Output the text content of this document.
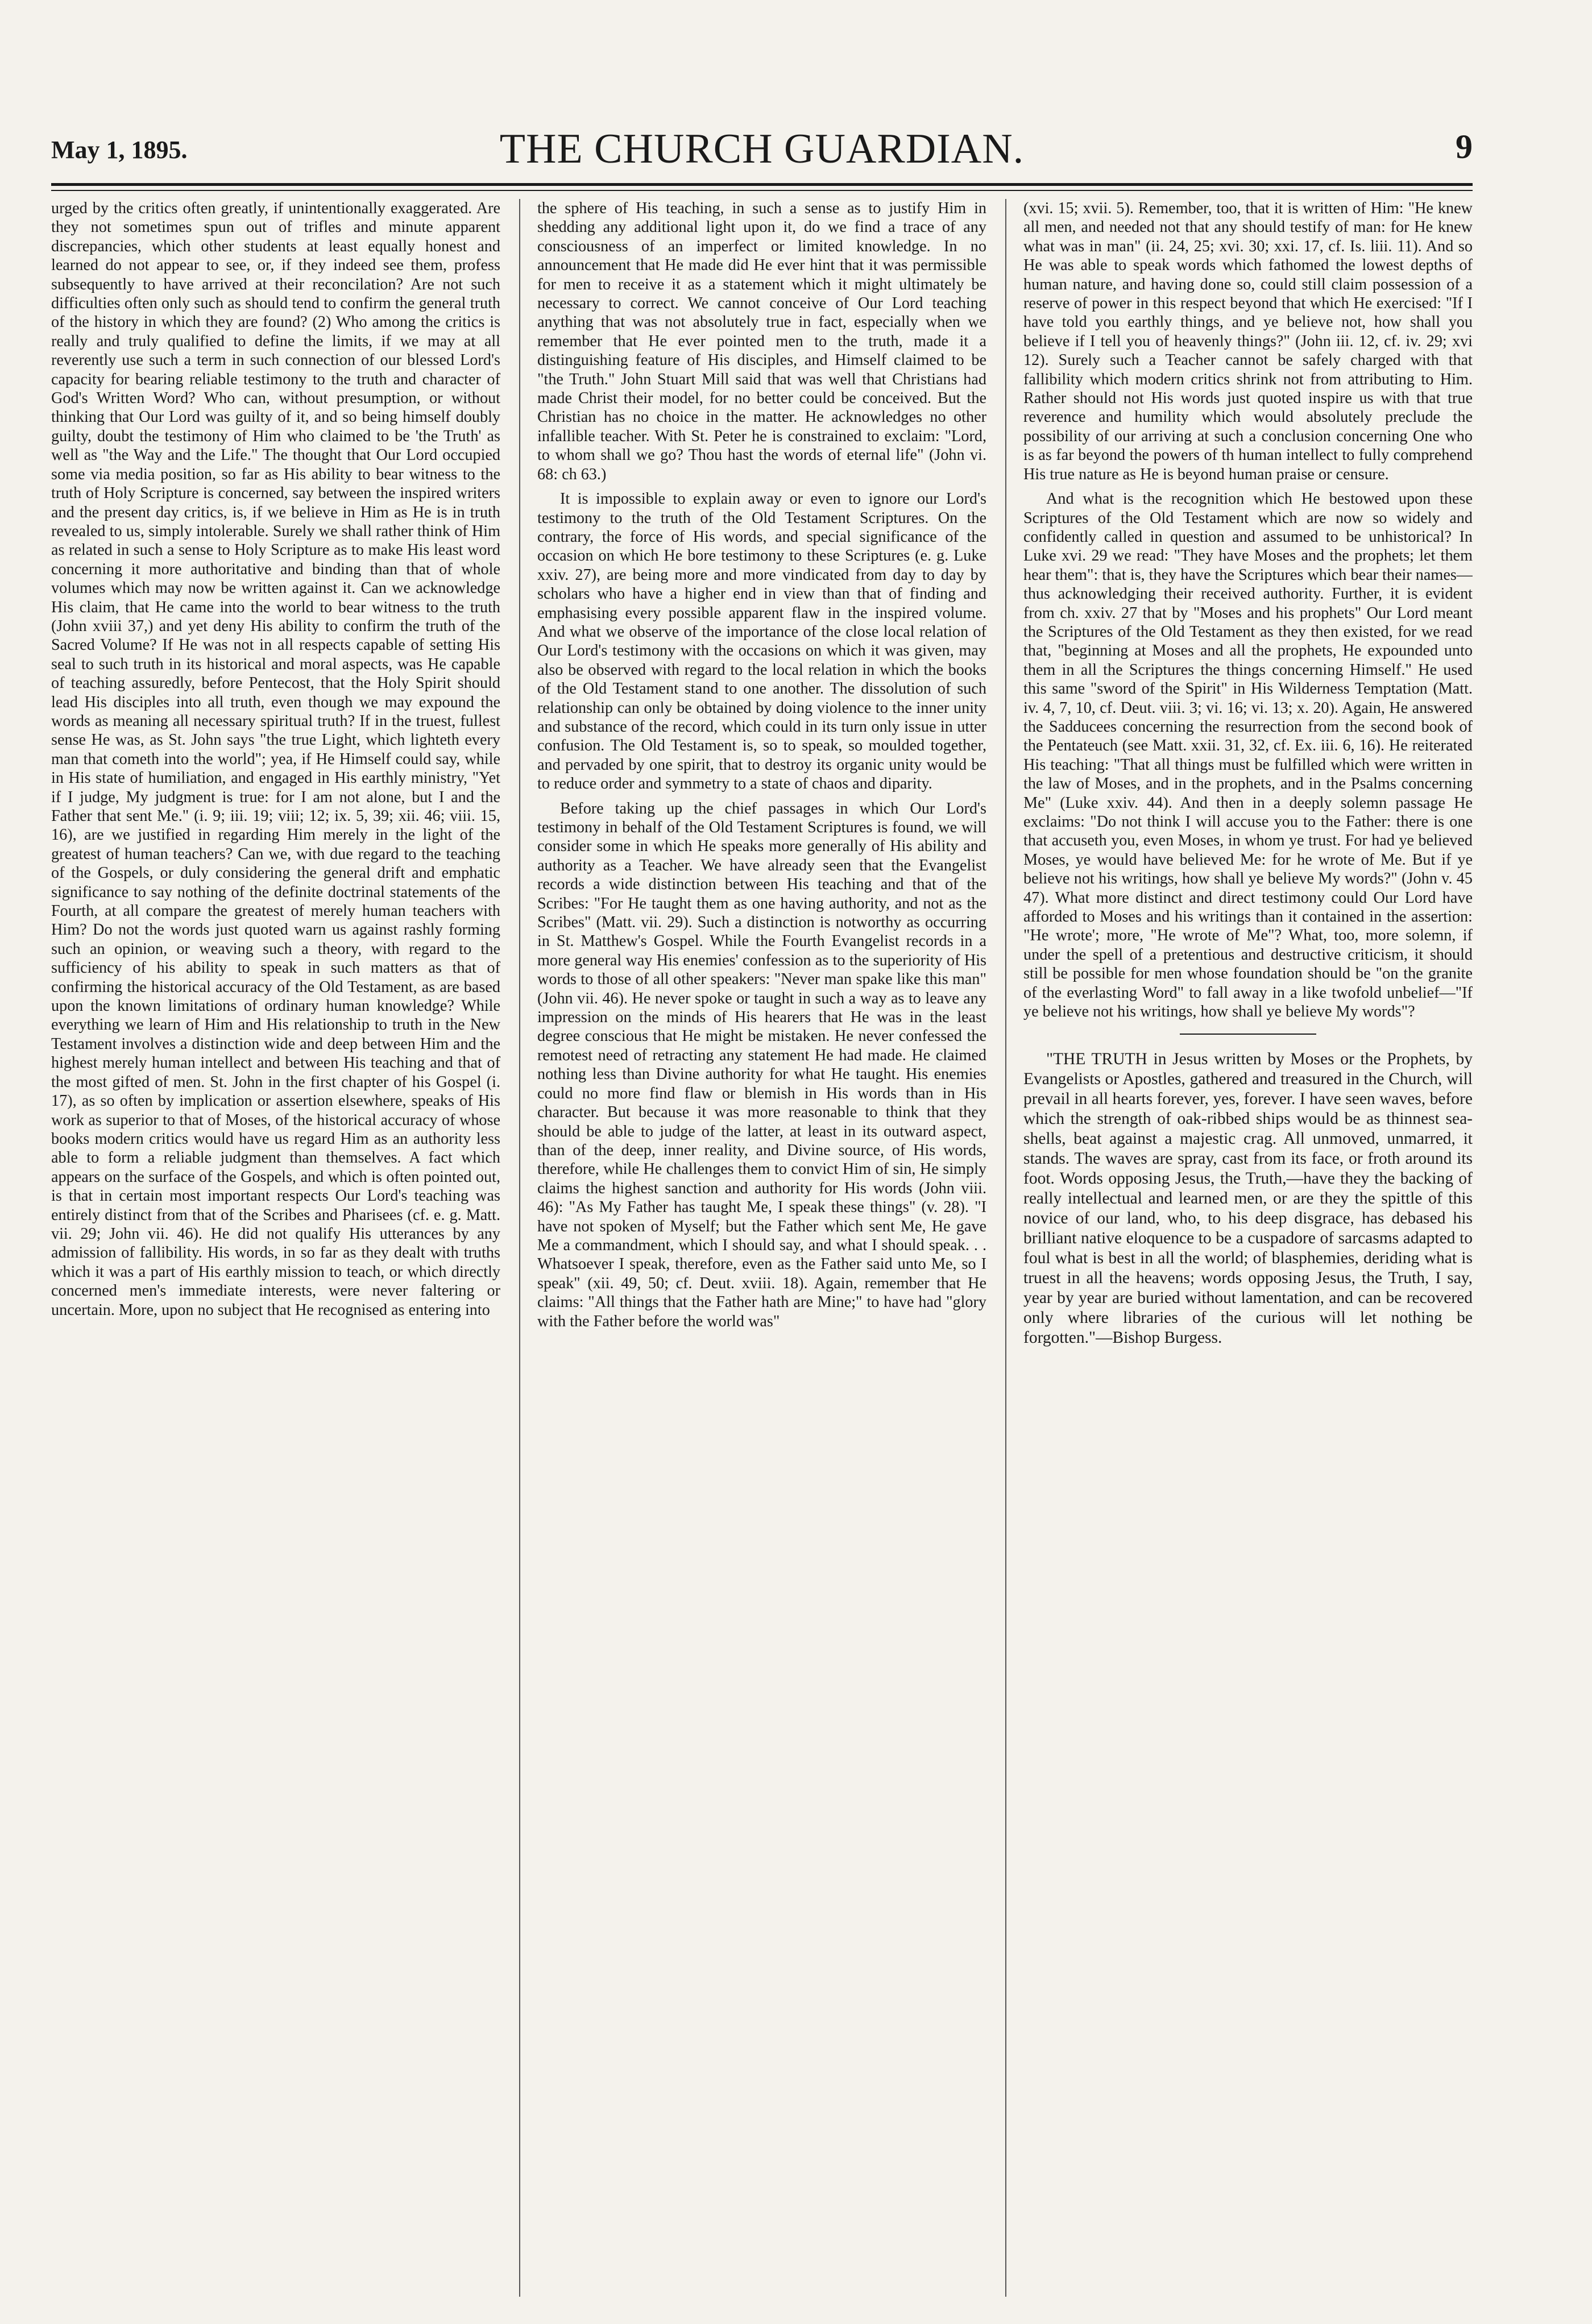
May 1, 1895.	THE CHURCH GUARDIAN.	9

urged by the critics often greatly, if unintentionally exaggerated. Are they not sometimes spun out of trifles and minute apparent discrepancies, which other students at least equally honest and learned do not appear to see, or, if they indeed see them, profess subsequently to have arrived at their reconcilation? Are not such difficulties often only such as should tend to confirm the general truth of the history in which they are found? (2) Who among the critics is really and truly qualified to define the limits, if we may at all reverently use such a term in such connection of our blessed Lord's capacity for bearing reliable testimony to the truth and character of God's Written Word? Who can, without presumption, or without thinking that Our Lord was guilty of it, and so being himself doubly guilty, doubt the testimony of Him who claimed to be 'the Truth' as well as "the Way and the Life." The thought that Our Lord occupied some via media position, so far as His ability to bear witness to the truth of Holy Scripture is concerned, say between the inspired writers and the present day critics, is, if we believe in Him as He is in truth revealed to us, simply intolerable. Surely we shall rather think of Him as related in such a sense to Holy Scripture as to make His least word concerning it more authoritative and binding than that of whole volumes which may now be written against it. Can we acknowledge His claim, that He came into the world to bear witness to the truth (John xviii 37,) and yet deny His ability to confirm the truth of the Sacred Volume? If He was not in all respects capable of setting His seal to such truth in its historical and moral aspects, was He capable of teaching assuredly, before Pentecost, that the Holy Spirit should lead His disciples into all truth, even though we may expound the words as meaning all necessary spiritual truth? If in the truest, fullest sense He was, as St. John says "the true Light, which lighteth every man that cometh into the world"; yea, if He Himself could say, while in His state of humiliation, and engaged in His earthly ministry, "Yet if I judge, My judgment is true: for I am not alone, but I and the Father that sent Me." (i. 9; iii. 19; viii; 12; ix. 5, 39; xii. 46; viii. 15, 16), are we justified in regarding Him merely in the light of the greatest of human teachers? Can we, with due regard to the teaching of the Gospels, or duly considering the general drift and emphatic significance to say nothing of the definite doctrinal statements of the Fourth, at all compare the greatest of merely human teachers with Him? Do not the words just quoted warn us against rashly forming such an opinion, or weaving such a theory, with regard to the sufficiency of his ability to speak in such matters as that of confirming the historical accuracy of the Old Testament, as are based upon the known limitations of ordinary human knowledge? While everything we learn of Him and His relationship to truth in the New Testament involves a distinction wide and deep between Him and the highest merely human intellect and between His teaching and that of the most gifted of men. St. John in the first chapter of his Gospel (i. 17), as so often by implication or assertion elsewhere, speaks of His work as superior to that of Moses, of the historical accuracy of whose books modern critics would have us regard Him as an authority less able to form a reliable judgment than themselves. A fact which appears on the surface of the Gospels, and which is often pointed out, is that in certain most important respects Our Lord's teaching was entirely distinct from that of the Scribes and Pharisees (cf. e. g. Matt. vii. 29; John vii. 46). He did not qualify His utterances by any admission of fallibility. His words, in so far as they dealt with truths which it was a part of His earthly mission to teach, or which directly concerned men's immediate interests, were never faltering or uncertain. More, upon no subject that He recognised as entering into

the sphere of His teaching, in such a sense as to justify Him in shedding any additional light upon it, do we find a trace of any consciousness of an imperfect or limited knowledge. In no announcement that He made did He ever hint that it was permissible for men to receive it as a statement which it might ultimately be necessary to correct. We cannot conceive of Our Lord teaching anything that was not absolutely true in fact, especially when we remember that He ever pointed men to the truth, made it a distinguishing feature of His disciples, and Himself claimed to be "the Truth." John Stuart Mill said that was well that Christians had made Christ their model, for no better could be conceived. But the Christian has no choice in the matter. He acknowledges no other infallible teacher. With St. Peter he is constrained to exclaim: "Lord, to whom shall we go? Thou hast the words of eternal life" (John vi. 68: ch 63.)

It is impossible to explain away or even to ignore our Lord's testimony to the truth of the Old Testament Scriptures. On the contrary, the force of His words, and special significance of the occasion on which He bore testimony to these Scriptures (e. g. Luke xxiv. 27), are being more and more vindicated from day to day by scholars who have a higher end in view than that of finding and emphasising every possible apparent flaw in the inspired volume. And what we observe of the importance of the close local relation of Our Lord's testimony with the occasions on which it was given, may also be observed with regard to the local relation in which the books of the Old Testament stand to one another. The dissolution of such relationship can only be obtained by doing violence to the inner unity and substance of the record, which could in its turn only issue in utter confusion. The Old Testament is, so to speak, so moulded together, and pervaded by one spirit, that to destroy its organic unity would be to reduce order and symmetry to a state of chaos and diparity.

Before taking up the chief passages in which Our Lord's testimony in behalf of the Old Testament Scriptures is found, we will consider some in which He speaks more generally of His ability and authority as a Teacher. We have already seen that the Evangelist records a wide distinction between His teaching and that of the Scribes: "For He taught them as one having authority, and not as the Scribes" (Matt. vii. 29). Such a distinction is notworthy as occurring in St. Matthew's Gospel. While the Fourth Evangelist records in a more general way His enemies' confession as to the superiority of His words to those of all other speakers: "Never man spake like this man" (John vii. 46). He never spoke or taught in such a way as to leave any impression on the minds of His hearers that He was in the least degree conscious that He might be mistaken. He never confessed the remotest need of retracting any statement He had made. He claimed nothing less than Divine authority for what He taught. His enemies could no more find flaw or blemish in His words than in His character. But because it was more reasonable to think that they should be able to judge of the latter, at least in its outward aspect, than of the deep, inner reality, and Divine source, of His words, therefore, while He challenges them to convict Him of sin, He simply claims the highest sanction and authority for His words (John viii. 46): "As My Father has taught Me, I speak these things" (v. 28). "I have not spoken of Myself; but the Father which sent Me, He gave Me a commandment, which I should say, and what I should speak. . . Whatsoever I speak, therefore, even as the Father said unto Me, so I speak" (xii. 49, 50; cf. Deut. xviii. 18). Again, remember that He claims: "All things that the Father hath are Mine;" to have had "glory with the Father before the world was"

(xvi. 15; xvii. 5). Remember, too, that it is written of Him: "He knew all men, and needed not that any should testify of man: for He knew what was in man" (ii. 24, 25; xvi. 30; xxi. 17, cf. Is. liii. 11). And so He was able to speak words which fathomed the lowest depths of human nature, and having done so, could still claim possession of a reserve of power in this respect beyond that which He exercised: "If I have told you earthly things, and ye believe not, how shall you believe if I tell you of heavenly things?" (John iii. 12, cf. iv. 29; xvi 12). Surely such a Teacher cannot be safely charged with that fallibility which modern critics shrink not from attributing to Him. Rather should not His words just quoted inspire us with that true reverence and humility which would absolutely preclude the possibility of our arriving at such a conclusion concerning One who is as far beyond the powers of th human intellect to fully comprehend His true nature as He is beyond human praise or censure.

And what is the recognition which He bestowed upon these Scriptures of the Old Testament which are now so widely and confidently called in question and assumed to be unhistorical? In Luke xvi. 29 we read: "They have Moses and the prophets; let them hear them": that is, they have the Scriptures which bear their names—thus acknowledging their received authority. Further, it is evident from ch. xxiv. 27 that by "Moses and his prophets" Our Lord meant the Scriptures of the Old Testament as they then existed, for we read that, "beginning at Moses and all the prophets, He expounded unto them in all the Scriptures the things concerning Himself." He used this same "sword of the Spirit" in His Wilderness Temptation (Matt. iv. 4, 7, 10, cf. Deut. viii. 3; vi. 16; vi. 13; x. 20). Again, He answered the Sadducees concerning the resurrection from the second book of the Pentateuch (see Matt. xxii. 31, 32, cf. Ex. iii. 6, 16). He reiterated His teaching: "That all things must be fulfilled which were written in the law of Moses, and in the prophets, and in the Psalms concerning Me" (Luke xxiv. 44). And then in a deeply solemn passage He exclaims: "Do not think I will accuse you to the Father: there is one that accuseth you, even Moses, in whom ye trust. For had ye believed Moses, ye would have believed Me: for he wrote of Me. But if ye believe not his writings, how shall ye believe My words?" (John v. 45 47). What more distinct and direct testimony could Our Lord have afforded to Moses and his writings than it contained in the assertion: "He wrote'; more, "He wrote of Me"? What, too, more solemn, if under the spell of a pretentious and destructive criticism, it should still be possible for men whose foundation should be "on the granite of the everlasting Word" to fall away in a like twofold unbelief—"If ye believe not his writings, how shall ye believe My words"?

"THE TRUTH in Jesus written by Moses or the Prophets, by Evangelists or Apostles, gathered and treasured in the Church, will prevail in all hearts forever, yes, forever. I have seen waves, before which the strength of oak-ribbed ships would be as thinnest sea-shells, beat against a majestic crag. All unmoved, unmarred, it stands. The waves are spray, cast from its face, or froth around its foot. Words opposing Jesus, the Truth,—have they the backing of really intellectual and learned men, or are they the spittle of this novice of our land, who, to his deep disgrace, has debased his brilliant native eloquence to be a cuspadore of sarcasms adapted to foul what is best in all the world; of blasphemies, deriding what is truest in all the heavens; words opposing Jesus, the Truth, I say, year by year are buried without lamentation, and can be recovered only where libraries of the curious will let nothing be forgotten."—Bishop Burgess.
